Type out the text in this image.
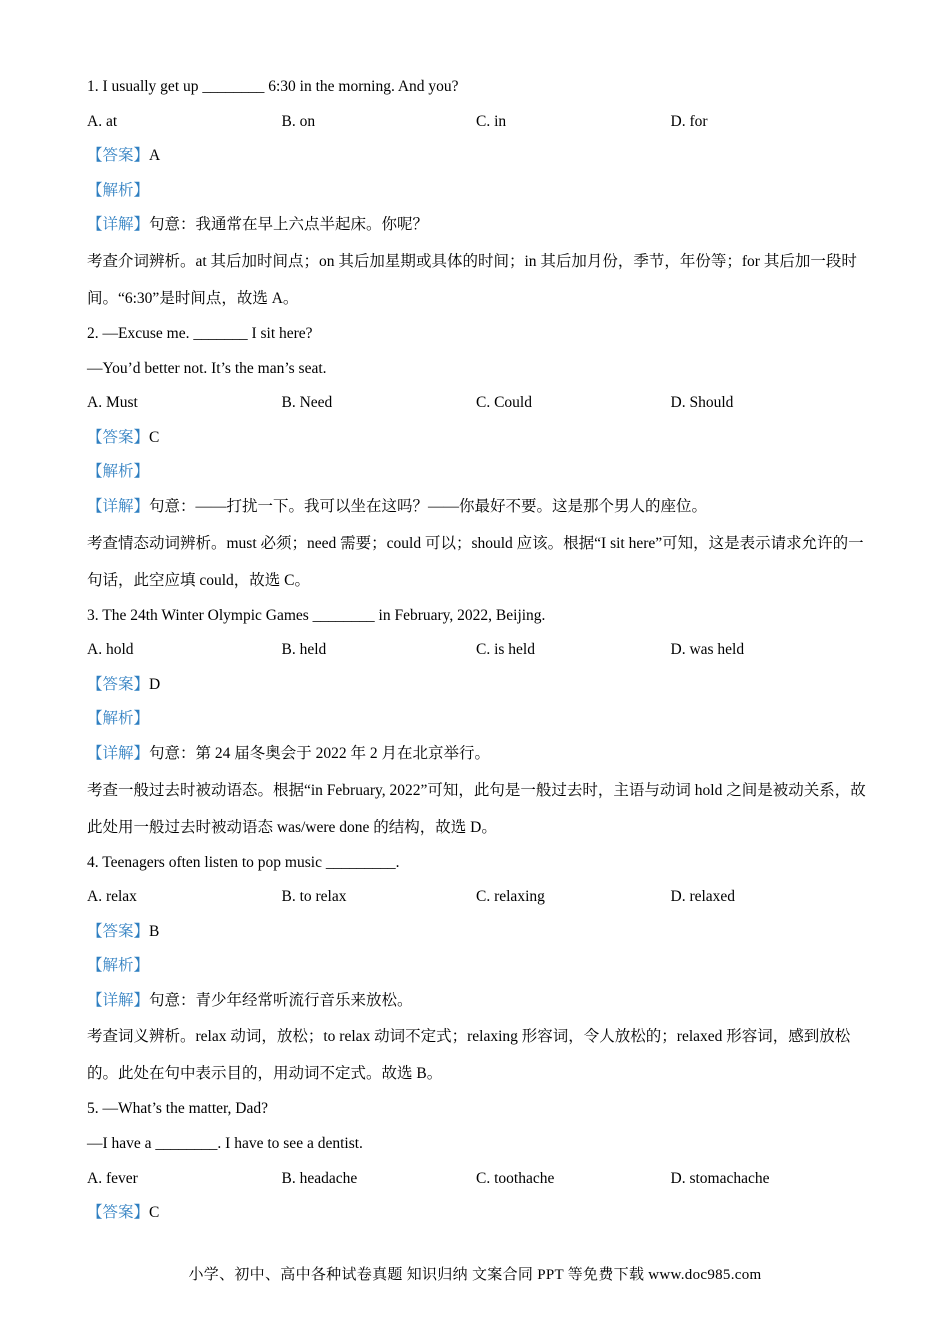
1. I usually get up ________ 6:30 in the morning. And you?
A. at	B. on	C. in	D. for
【答案】A
【解析】
【详解】句意：我通常在早上六点半起床。你呢？
考查介词辨析。at 其后加时间点；on 其后加星期或具体的时间；in 其后加月份，季节，年份等；for 其后加一段时间。“6:30”是时间点，故选 A。
2. —Excuse me. _______ I sit here?
—You’d better not. It’s the man’s seat.
A. Must	B. Need	C. Could	D. Should
【答案】C
【解析】
【详解】句意：——打扰一下。我可以坐在这吗？——你最好不要。这是那个男人的座位。
考查情态动词辨析。must 必须；need 需要；could 可以；should 应该。根据“I sit here”可知，这是表示请求允许的一句话，此空应填 could，故选 C。
3. The 24th Winter Olympic Games ________ in February, 2022, Beijing.
A. hold	B. held	C. is held	D. was held
【答案】D
【解析】
【详解】句意：第 24 届冬奥会于 2022 年 2 月在北京举行。
考查一般过去时被动语态。根据“in February, 2022”可知，此句是一般过去时，主语与动词 hold 之间是被动关系，故此处用一般过去时被动语态 was/were done 的结构，故选 D。
4. Teenagers often listen to pop music _________.
A. relax	B. to relax	C. relaxing	D. relaxed
【答案】B
【解析】
【详解】句意：青少年经常听流行音乐来放松。
考查词义辨析。relax 动词，放松；to relax 动词不定式；relaxing 形容词，令人放松的；relaxed 形容词，感到放松的。此处在句中表示目的，用动词不定式。故选 B。
5. —What’s the matter, Dad?
—I have a ________. I have to see a dentist.
A. fever	B. headache	C. toothache	D. stomachache
【答案】C
小学、初中、高中各种试卷真题 知识归纳 文案合同 PPT 等免费下载 www.doc985.com
